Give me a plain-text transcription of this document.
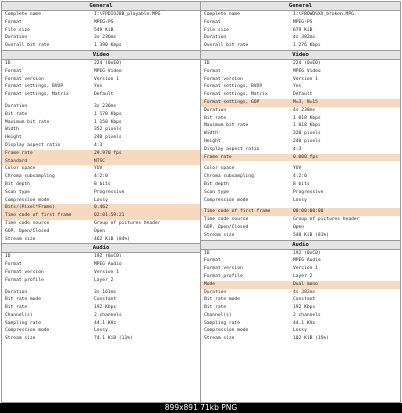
General
Complete name	I:\FPDIOJBB_playable.MPG
Format	MPEG-PS
File size	549 KiB
Duration	3s 236ms
Overall bit rate	1 390 Kbps
Video
ID	224 (0xE0)
Format	MPEG Video
Format version	Version 1
Format settings, BVOP	Yes
Format settings, Matrix	Default
Duration	3s 236ms
Bit rate	1 170 Kbps
Maximum bit rate	1 150 Kbps
Width	352 pixels
Height	240 pixels
Display aspect ratio	4:3
Frame rate	29.970 fps
Standard	NTSC
Color space	YUV
Chroma subsampling	4:2:0
Bit depth	8 bits
Scan type	Progressive
Compression mode	Lossy
Bits/(Pixel*Frame)	0.462
Time code of first frame	02:01:59:21
Time code source	Group of pictures header
GOP, Open/Closed	Open
Stream size	462 KiB (84%)
Audio
ID	192 (0xC0)
Format	MPEG Audio
Format version	Version 1
Format profile	Layer 2
Duration	3s 161ms
Bit rate mode	Constant
Bit rate	192 Kbps
Channel(s)	2 channels
Sampling rate	44.1 KHz
Compression mode	Lossy
Stream size	74.1 KiB (13%)
General
Complete name	I:\FBOWDSXX_broken.MPG
Format	MPEG-PS
File size	679 KiB
Duration	4s 382ms
Overall bit rate	1 276 Kbps
Video
ID	224 (0xE0)
Format	MPEG Video
Format version	Version 1
Format settings, BVOP	Yes
Format settings, Matrix	Default
Format settings, GOP	M=3, N=15
Duration	4s 238ms
Bit rate	1 018 Kbps
Maximum bit rate	1 018 Kbps
Width	320 pixels
Height	240 pixels
Display aspect ratio	4:3
Frame rate	0.000 fps
Color space	YUV
Chroma subsampling	4:2:0
Bit depth	8 bits
Scan type	Progressive
Compression mode	Lossy
Time code of first frame	00:00:00:00
Time code source	Group of pictures header
GOP, Open/Closed	Open
Stream size	548 KiB (81%)
Audio
ID	192 (0xC0)
Format	MPEG Audio
Format version	Version 1
Format profile	Layer 2
Mode	Dual mono
Duration	4s 382ms
Bit rate mode	Constant
Bit rate	192 Kbps
Channel(s)	2 channels
Sampling rate	44.1 KHz
Compression mode	Lossy
Stream size	102 KiB (15%)
899x891 71kb PNG
